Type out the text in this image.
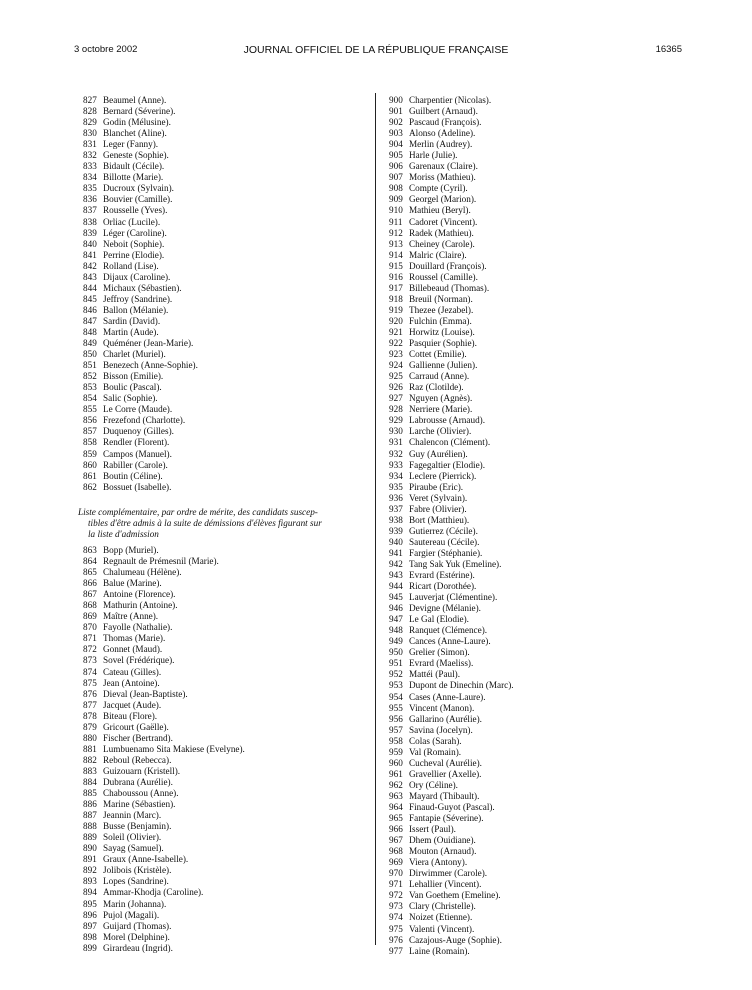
3 octobre 2002	JOURNAL OFFICIEL DE LA RÉPUBLIQUE FRANÇAISE	16365
827 Beaumel (Anne).
828 Bernard (Séverine).
829 Godin (Mélusine).
830 Blanchet (Aline).
831 Leger (Fanny).
832 Geneste (Sophie).
833 Bidault (Cécile).
834 Billotte (Marie).
835 Ducroux (Sylvain).
836 Bouvier (Camille).
837 Rousselle (Yves).
838 Orliac (Lucile).
839 Léger (Caroline).
840 Neboit (Sophie).
841 Perrine (Elodie).
842 Rolland (Lise).
843 Dijaux (Caroline).
844 Michaux (Sébastien).
845 Jeffroy (Sandrine).
846 Ballon (Mélanie).
847 Sardin (David).
848 Martin (Aude).
849 Quéméner (Jean-Marie).
850 Charlet (Muriel).
851 Benezech (Anne-Sophie).
852 Bisson (Emilie).
853 Boulic (Pascal).
854 Salic (Sophie).
855 Le Corre (Maude).
856 Frezefond (Charlotte).
857 Duquenoy (Gilles).
858 Rendler (Florent).
859 Campos (Manuel).
860 Rabiller (Carole).
861 Boutin (Céline).
862 Bossuet (Isabelle).
Liste complémentaire, par ordre de mérite, des candidats suscep-
tibles d'être admis à la suite de démissions d'élèves figurant sur
la liste d'admission
863 Bopp (Muriel).
864 Regnault de Prémesnil (Marie).
865 Chalumeau (Hélène).
866 Balue (Marine).
867 Antoine (Florence).
868 Mathurin (Antoine).
869 Maître (Anne).
870 Fayolle (Nathalie).
871 Thomas (Marie).
872 Gonnet (Maud).
873 Sovel (Frédérique).
874 Cateau (Gilles).
875 Jean (Antoine).
876 Dieval (Jean-Baptiste).
877 Jacquet (Aude).
878 Biteau (Flore).
879 Gricourt (Gaëlle).
880 Fischer (Bertrand).
881 Lumbuenamo Sita Makiese (Evelyne).
882 Reboul (Rebecca).
883 Guizouarn (Kristell).
884 Dubrana (Aurélie).
885 Chaboussou (Anne).
886 Marine (Sébastien).
887 Jeannin (Marc).
888 Busse (Benjamin).
889 Soleil (Olivier).
890 Sayag (Samuel).
891 Graux (Anne-Isabelle).
892 Jolibois (Kristèle).
893 Lopes (Sandrine).
894 Ammar-Khodja (Caroline).
895 Marin (Johanna).
896 Pujol (Magali).
897 Guijard (Thomas).
898 Morel (Delphine).
899 Girardeau (Ingrid).
900 Charpentier (Nicolas).
901 Guilbert (Arnaud).
902 Pascaud (François).
903 Alonso (Adeline).
904 Merlin (Audrey).
905 Harle (Julie).
906 Garenaux (Claire).
907 Moriss (Mathieu).
908 Compte (Cyril).
909 Georgel (Marion).
910 Mathieu (Beryl).
911 Cadoret (Vincent).
912 Radek (Mathieu).
913 Cheiney (Carole).
914 Malric (Claire).
915 Douillard (François).
916 Roussel (Camille).
917 Billebeaud (Thomas).
918 Breuil (Norman).
919 Thezee (Jezabel).
920 Fulchin (Emma).
921 Horwitz (Louise).
922 Pasquier (Sophie).
923 Cottet (Emilie).
924 Gallienne (Julien).
925 Carraud (Anne).
926 Raz (Clotilde).
927 Nguyen (Agnès).
928 Nerriere (Marie).
929 Labrousse (Arnaud).
930 Larche (Olivier).
931 Chalencon (Clément).
932 Guy (Aurélien).
933 Fagegaltier (Elodie).
934 Leclere (Pierrick).
935 Piraube (Eric).
936 Veret (Sylvain).
937 Fabre (Olivier).
938 Bort (Matthieu).
939 Gutierrez (Cécile).
940 Sautereau (Cécile).
941 Fargier (Stéphanie).
942 Tang Sak Yuk (Emeline).
943 Evrard (Estérine).
944 Ricart (Dorothée).
945 Lauverjat (Clémentine).
946 Devigne (Mélanie).
947 Le Gal (Elodie).
948 Ranquet (Clémence).
949 Cances (Anne-Laure).
950 Grelier (Simon).
951 Evrard (Maeliss).
952 Mattéi (Paul).
953 Dupont de Dinechin (Marc).
954 Cases (Anne-Laure).
955 Vincent (Manon).
956 Gallarino (Aurélie).
957 Savina (Jocelyn).
958 Colas (Sarah).
959 Val (Romain).
960 Cucheval (Aurélie).
961 Gravellier (Axelle).
962 Ory (Céline).
963 Mayard (Thibault).
964 Finaud-Guyot (Pascal).
965 Fantapie (Séverine).
966 Issert (Paul).
967 Dhem (Ouidiane).
968 Mouton (Arnaud).
969 Viera (Antony).
970 Dirwimmer (Carole).
971 Lehallier (Vincent).
972 Van Goethem (Emeline).
973 Clary (Christelle).
974 Noizet (Etienne).
975 Valenti (Vincent).
976 Cazajous-Auge (Sophie).
977 Laine (Romain).
